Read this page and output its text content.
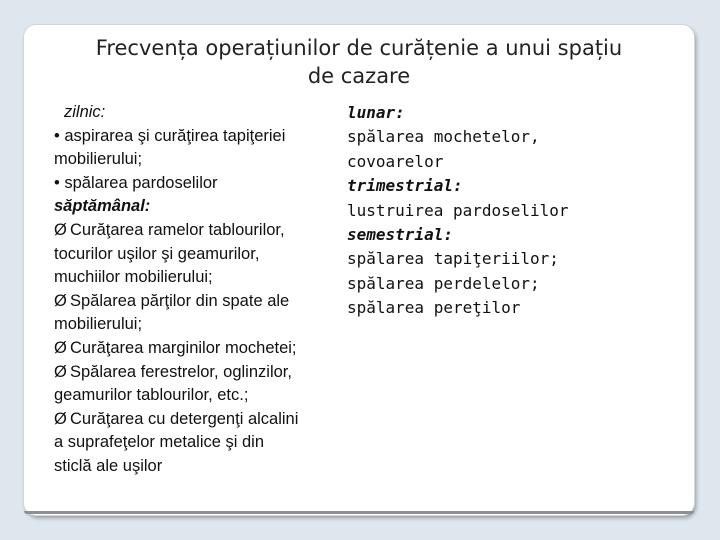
Frecvența operațiunilor de curățenie a unui spațiu
de cazare
zilnic:
• aspirarea şi curăţirea tapiţeriei
mobilierului;
• spălarea pardoselilor
săptămânal:
Ø Curăţarea ramelor tablourilor,
tocurilor uşilor şi geamurilor,
muchiilor mobilierului;
Ø Spălarea părţilor din spate ale
mobilierului;
Ø Curăţarea marginilor mochetei;
Ø Spălarea ferestrelor, oglinzilor,
geamurilor tablourilor, etc.;
Ø Curăţarea cu detergenţi alcalini
a suprafeţelor metalice şi din
sticlă ale uşilor
lunar:
spălarea mochetelor,
covoarelor
trimestrial:
lustruirea pardoselilor
semestrial:
spălarea tapiţeriilor;
spălarea perdelelor;
spălarea pereţilor
